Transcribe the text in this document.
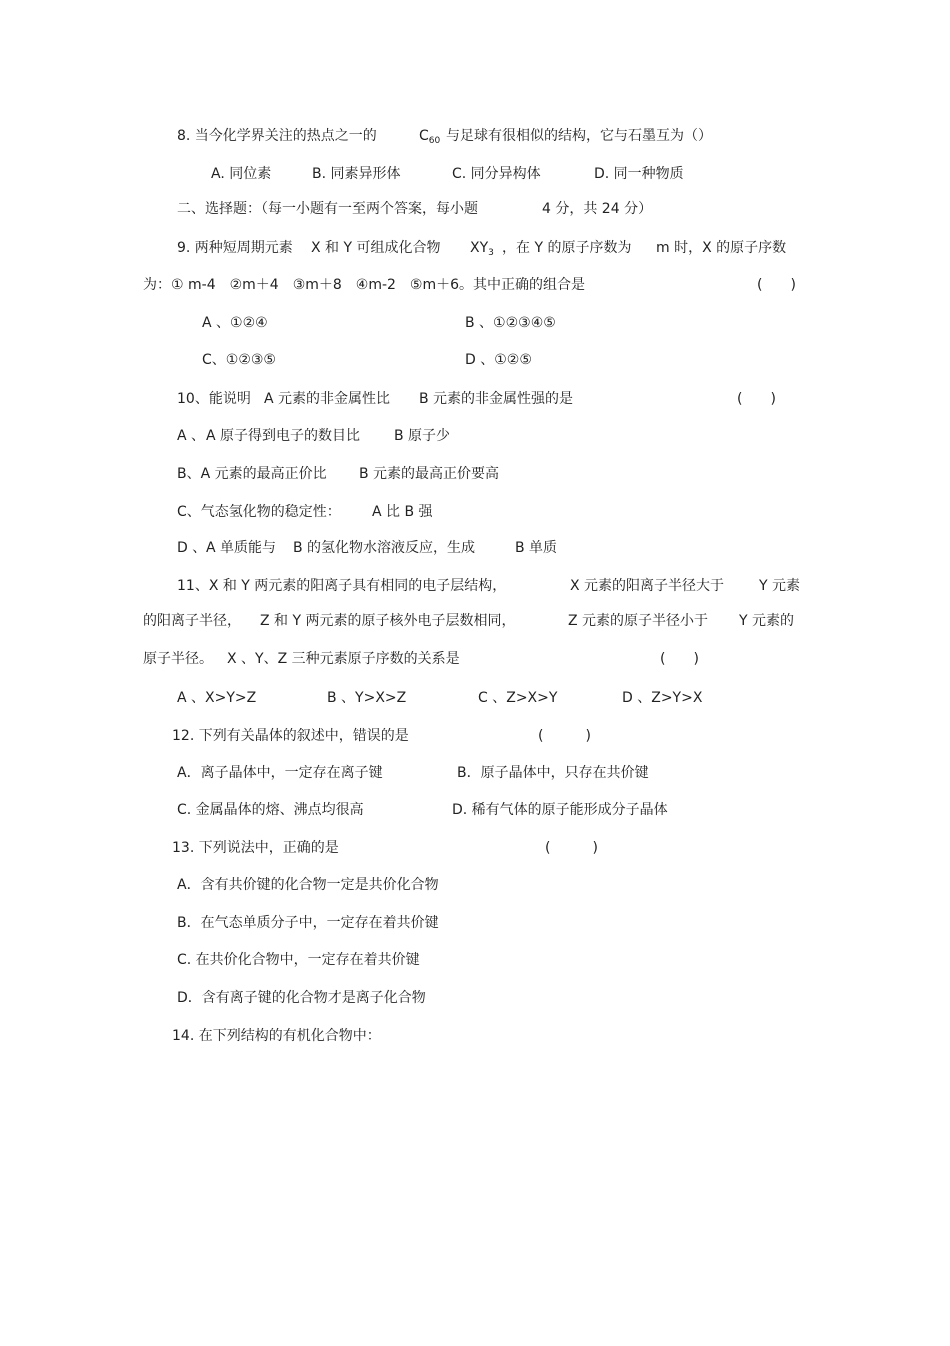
8. 当今化学界关注的热点之一的	$C_{60}$ 与足球有很相似的结构，它与石墨互为（）
A. 同位素	B. 同素异形体	C. 同分异构体	D. 同一种物质
二、选择题：（每一小题有一至两个答案，每小题	4 分，共 24 分）
9. 两种短周期元素 X 和 Y 可组成化合物 $XY_3$ ，在 Y 的原子序数为 m 时，X 的原子序数
为：① m-4　②m＋4　③m＋8　④m-2　⑤m＋6。其中正确的组合是	(　　)
A 、①②④	B 、①②③④⑤
C、①②③⑤	D 、①②⑤
10、能说明 A 元素的非金属性比 B 元素的非金属性强的是	(　　)
A 、 A 原子得到电子的数目比 B 原子少
B、A 元素的最高正价比 B 元素的最高正价要高
C、气态氢化物的稳定性： A 比 B 强
D 、 A 单质能与 B 的氢化物水溶液反应，生成	B 单质
11、X 和 Y 两元素的阳离子具有相同的电子层结构，	X 元素的阳离子半径大于 Y 元素
的阳离子半径， Z 和 Y 两元素的原子核外电子层数相同，	Z 元素的原子半径小于 Y 元素的
原子半径。 X 、Y、Z 三种元素原子序数的关系是	(　　)
A 、X>Y>Z	B 、Y>X>Z	C 、Z>X>Y	D 、Z>Y>X
12. 下列有关晶体的叙述中，错误的是	(　　　)
A．离子晶体中，一定存在离子键	B．原子晶体中，只存在共价键
C. 金属晶体的熔、沸点均很高	D. 稀有气体的原子能形成分子晶体
13. 下列说法中，正确的是	(　　　)
A．含有共价键的化合物一定是共价化合物
B．在气态单质分子中，一定存在着共价键
C. 在共价化合物中，一定存在着共价键
D．含有离子键的化合物才是离子化合物
14. 在下列结构的有机化合物中：
